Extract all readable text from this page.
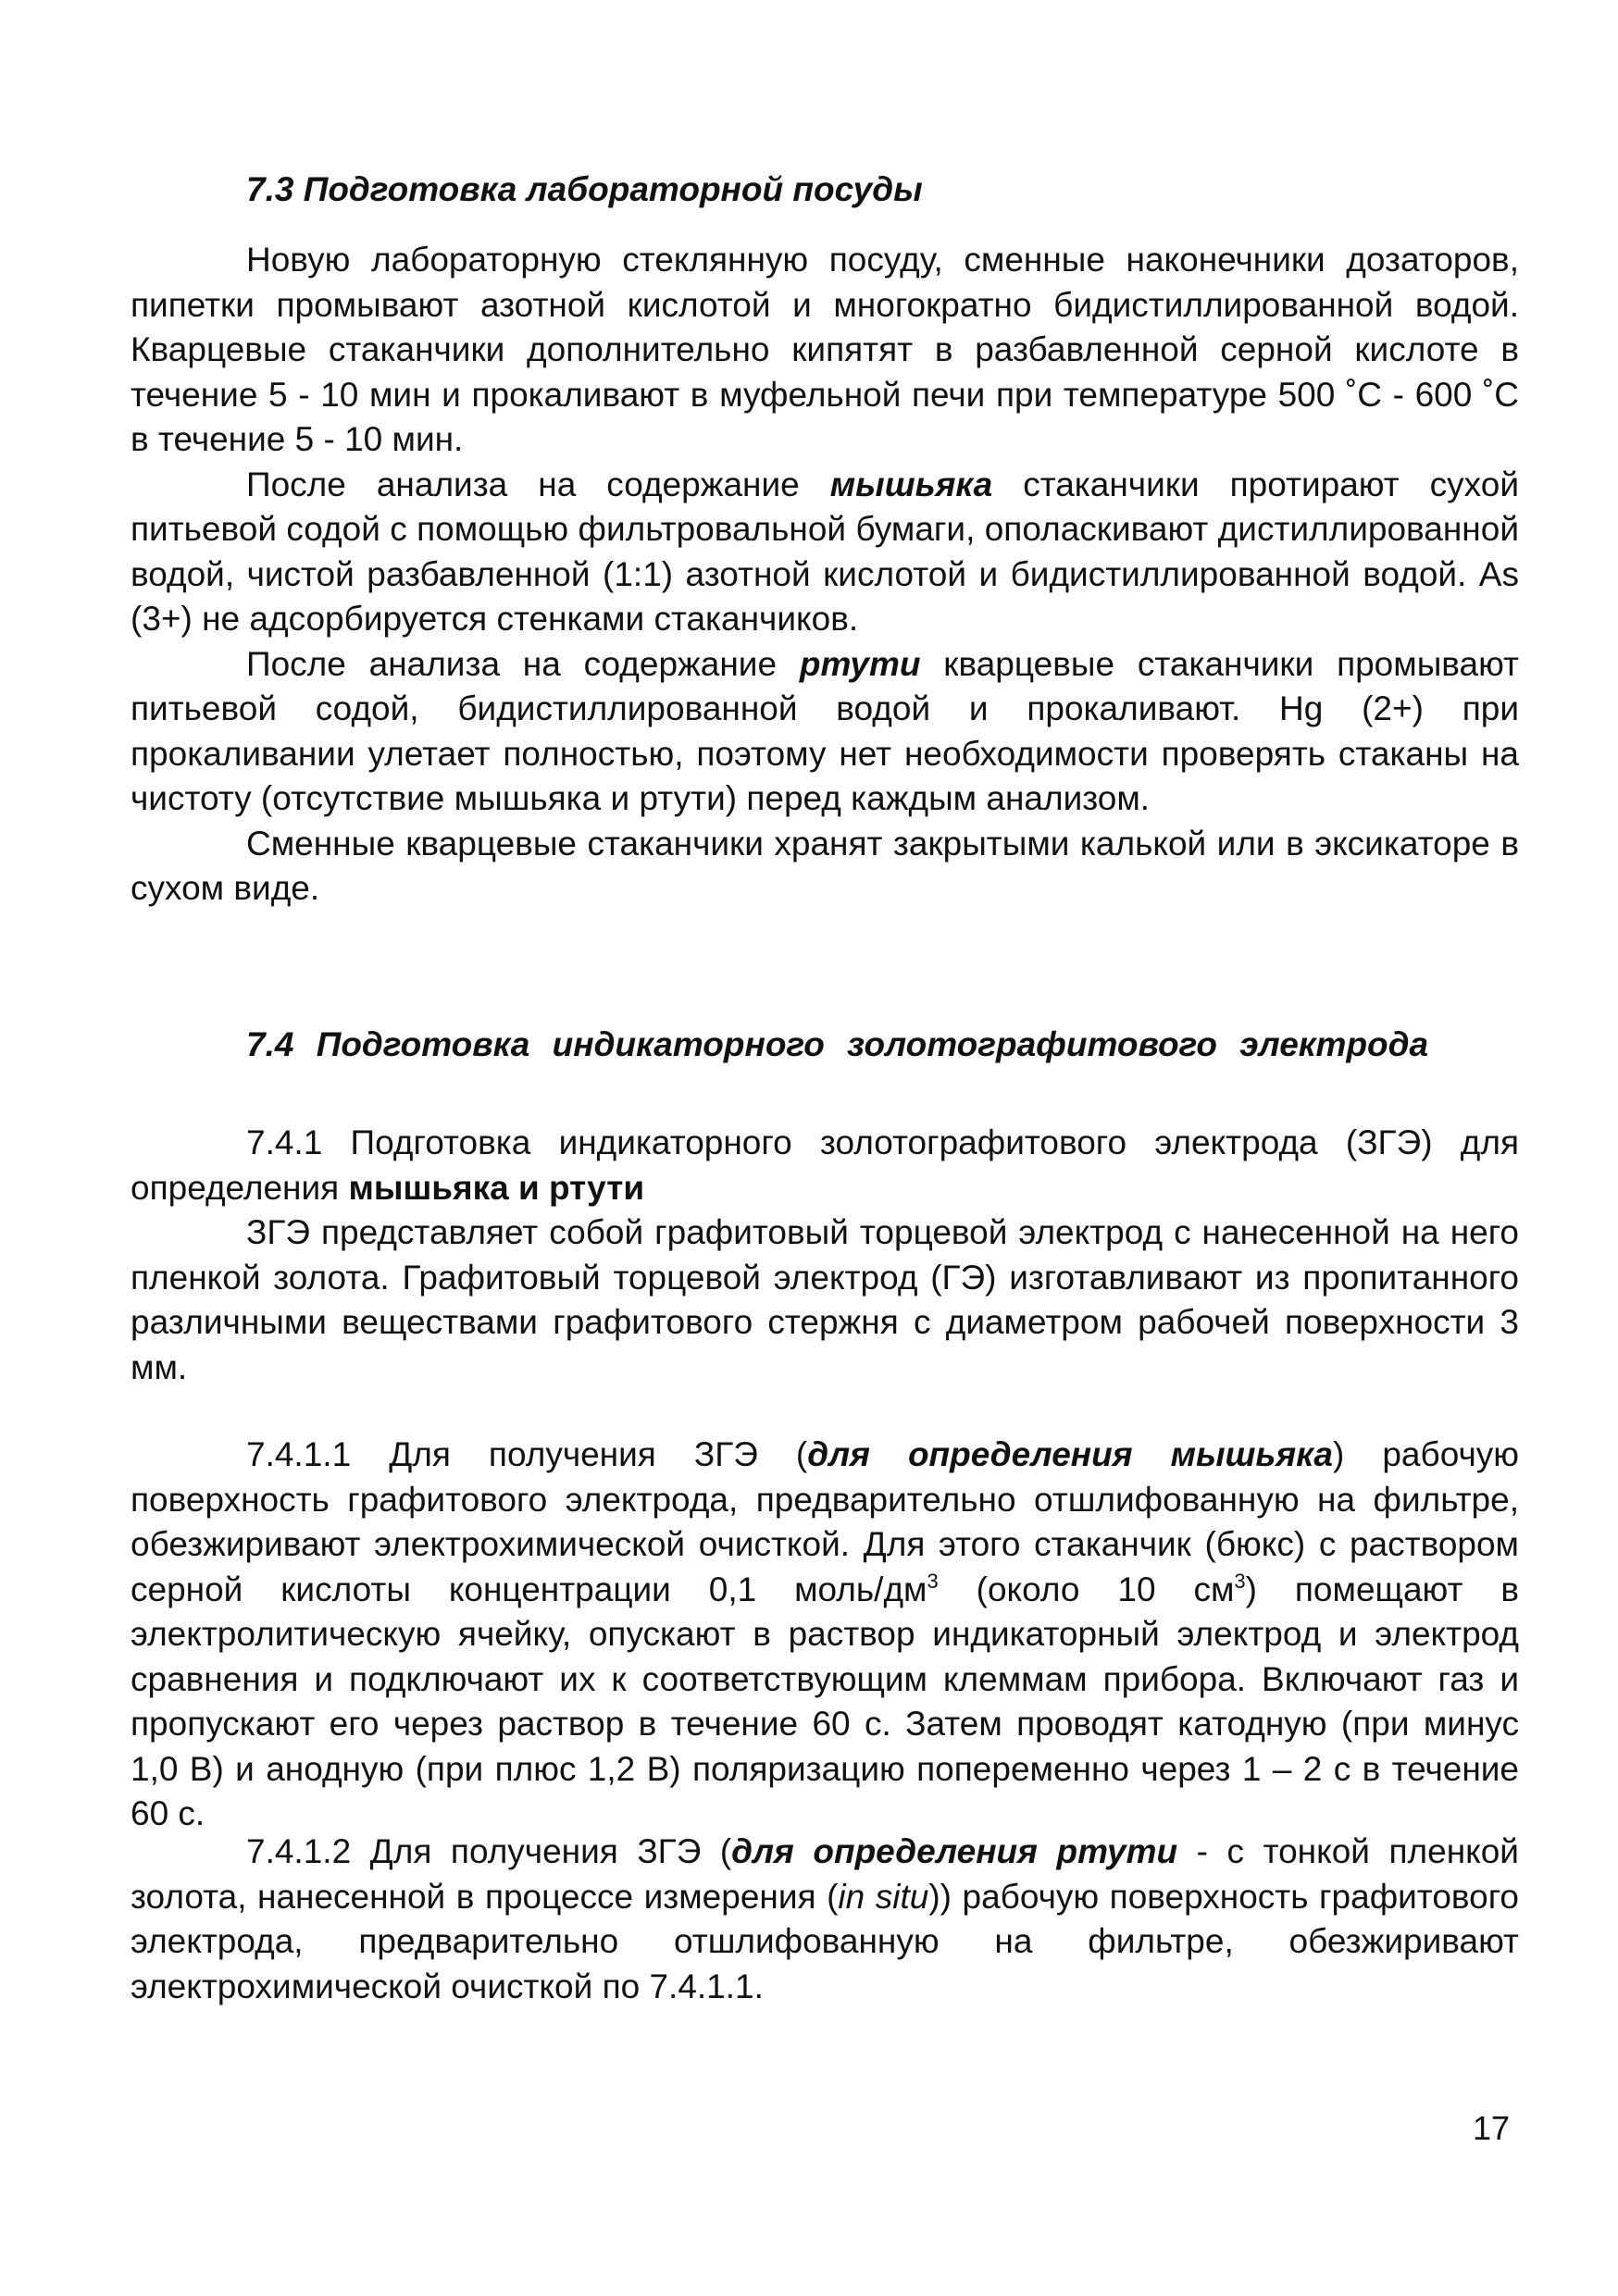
7.3 Подготовка лабораторной посуды

Новую лабораторную стеклянную посуду, сменные наконечники дозаторов, пипетки промывают азотной кислотой и многократно бидистиллированной водой. Кварцевые стаканчики дополнительно кипятят в разбавленной серной кислоте в течение 5 - 10 мин и прокаливают в муфельной печи при температуре 500 ˚С - 600 ˚С в течение 5 - 10 мин.

После анализа на содержание мышьяка стаканчики протирают сухой питьевой содой с помощью фильтровальной бумаги, ополаскивают дистиллированной водой, чистой разбавленной (1:1) азотной кислотой и бидистиллированной водой. As (3+) не адсорбируется стенками стаканчиков.

После анализа на содержание ртути кварцевые стаканчики промывают питьевой содой, бидистиллированной водой и прокаливают. Hg (2+) при прокаливании улетает полностью, поэтому нет необходимости проверять стаканы на чистоту (отсутствие мышьяка и ртути) перед каждым анализом.

Сменные кварцевые стаканчики хранят закрытыми калькой или в эксикаторе в сухом виде.

7.4 Подготовка индикаторного золотографитового электрода

7.4.1 Подготовка индикаторного золотографитового электрода (ЗГЭ) для определения мышьяка и ртути

ЗГЭ представляет собой графитовый торцевой электрод с нанесенной на него пленкой золота. Графитовый торцевой электрод (ГЭ) изготавливают из пропитанного различными веществами графитового стержня с диаметром рабочей поверхности 3 мм.

7.4.1.1 Для получения ЗГЭ (для определения мышьяка) рабочую поверхность графитового электрода, предварительно отшлифованную на фильтре, обезжиривают электрохимической очисткой. Для этого стаканчик (бюкс) с раствором серной кислоты концентрации 0,1 моль/$дм^3$ (около 10 $см^3$) помещают в электролитическую ячейку, опускают в раствор индикаторный электрод и электрод сравнения и подключают их к соответствующим клеммам прибора. Включают газ и пропускают его через раствор в течение 60 с. Затем проводят катодную (при минус 1,0 В) и анодную (при плюс 1,2 В) поляризацию попеременно через 1 – 2 с в течение 60 с.

7.4.1.2 Для получения ЗГЭ (для определения ртути - с тонкой пленкой золота, нанесенной в процессе измерения (in situ)) рабочую поверхность графитового электрода, предварительно отшлифованную на фильтре, обезжиривают электрохимической очисткой по 7.4.1.1.

17
